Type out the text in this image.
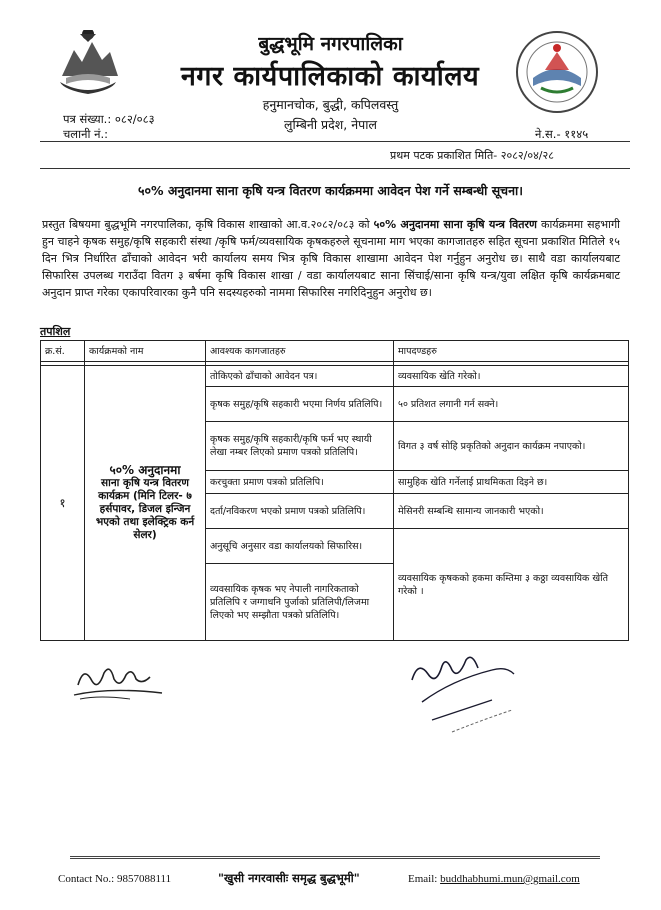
बुद्धभूमि नगरपालिका
नगर कार्यपालिकाको कार्यालय
हनुमानचोक, बुद्धी, कपिलवस्तु
लुम्बिनी प्रदेश, नेपाल
पत्र संख्या.: ०८२/०८३
चलानी नं.:	ने.स.- ११४५
प्रथम पटक प्रकाशित मिति- २०८२/०४/२८
५०% अनुदानमा साना कृषि यन्त्र वितरण कार्यक्रममा आवेदन पेश गर्ने सम्बन्धी सूचना।
प्रस्तुत बिषयमा बुद्धभूमि नगरपालिका, कृषि विकास शाखाको आ.व.२०८२/०८३ को ५०% अनुदानमा साना कृषि यन्त्र वितरण कार्यक्रममा सहभागी हुन चाहने कृषक समुह/कृषि सहकारी संस्था /कृषि फर्म/व्यवसायिक कृषकहरुले सूचनामा माग भएका कागजातहरु सहित सूचना प्रकाशित मितिले १५ दिन भित्र निर्धारित ढाँचाको आवेदन भरी कार्यालय समय भित्र कृषि विकास शाखामा आवेदन पेश गर्नुहुन अनुरोध छ। साथै वडा कार्यालयबाट सिफारिस उपलब्ध गराउँदा वितग ३ बर्षमा कृषि विकास शाखा / वडा कार्यालयबाट साना सिंचाई/साना कृषि यन्त्र/युवा लक्षित कृषि कार्यक्रमबाट अनुदान प्राप्त गरेका एकापरिवारका कुनै पनि सदस्यहरुको नाममा सिफारिस नगरिदिनुहुन अनुरोध छ।
तपशिल
क्र.सं.	कार्यक्रमको नाम	आवश्यक कागजातहरु	मापदण्डहरु

१	५०% अनुदानमा
साना कृषि यन्त्र वितरण कार्यक्रम (मिनि टिलर- ७ हर्सपावर, डिजल इन्जिन भएको तथा इलेक्ट्रिक कर्न सेलर)	तोकिएको ढाँचाको आवेदन पत्र।	व्यवसायिक खेति गरेको।
		कृषक समुह/कृषि सहकारी भएमा निर्णय प्रतिलिपि।	५० प्रतिशत लगानी गर्न सक्ने।
		कृषक समुह/कृषि सहकारी/कृषि फर्म भए स्थायी लेखा नम्बर लिएको प्रमाण पत्रको प्रतिलिपि।	विगत ३ वर्ष सोहि प्रकृतिको अनुदान कार्यक्रम नपाएको।
		करचुक्ता प्रमाण पत्रको प्रतिलिपि।	सामुहिक खेति गर्नेलाई प्राथमिकता दिइने छ।
		दर्ता/नविकरण भएको प्रमाण पत्रको प्रतिलिपि।	मेसिनरी सम्बन्धि सामान्य जानकारी भएको।
		अनुसूचि अनुसार वडा कार्यालयको सिफारिस।	व्यवसायिक कृषकको हकमा कम्तिमा ३ कठ्ठा व्यवसायिक खेति गरेको ।
		व्यवसायिक कृषक भए नेपाली नागरिकताको प्रतिलिपि र जग्गाधनि पुर्जाको प्रतिलिपी/लिजमा लिएको भए सम्झौता पत्रको प्रतिलिपि।	
Contact No.: 9857088111	"खुसी नगरवासीः समृद्ध बुद्धभूमी"	Email: buddhabhumi.mun@gmail.com
